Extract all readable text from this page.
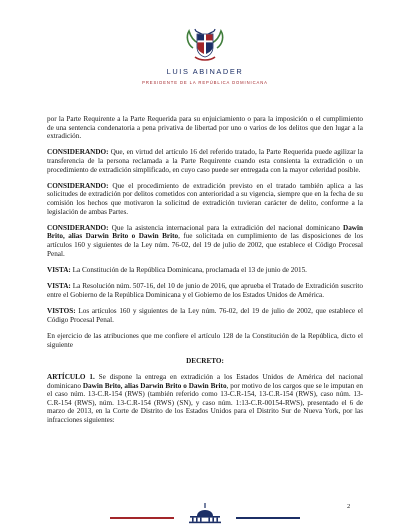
LUIS ABINADER
PRESIDENTE DE LA REPÚBLICA DOMINICANA

por la Parte Requirente a la Parte Requerida para su enjuiciamiento o para la imposición o el cumplimiento de una sentencia condenatoria a pena privativa de libertad por uno o varios de los delitos que den lugar a la extradición.

CONSIDERANDO: Que, en virtud del artículo 16 del referido tratado, la Parte Requerida puede agilizar la transferencia de la persona reclamada a la Parte Requirente cuando esta consienta la extradición o un procedimiento de extradición simplificado, en cuyo caso puede ser entregada con la mayor celeridad posible.

CONSIDERANDO: Que el procedimiento de extradición previsto en el tratado también aplica a las solicitudes de extradición por delitos cometidos con anterioridad a su vigencia, siempre que en la fecha de su comisión los hechos que motivaron la solicitud de extradición tuvieran carácter de delito, conforme a la legislación de ambas Partes.

CONSIDERANDO: Que la asistencia internacional para la extradición del nacional dominicano Dawin Brito, alias Darwin Brito o Dawin Brito, fue solicitada en cumplimiento de las disposiciones de los artículos 160 y siguientes de la Ley núm. 76-02, del 19 de julio de 2002, que establece el Código Procesal Penal.

VISTA: La Constitución de la República Dominicana, proclamada el 13 de junio de 2015.

VISTA: La Resolución núm. 507-16, del 10 de junio de 2016, que aprueba el Tratado de Extradición suscrito entre el Gobierno de la República Dominicana y el Gobierno de los Estados Unidos de América.

VISTOS: Los artículos 160 y siguientes de la Ley núm. 76-02, del 19 de julio de 2002, que establece el Código Procesal Penal.

En ejercicio de las atribuciones que me confiere el artículo 128 de la Constitución de la República, dicto el siguiente

DECRETO:

ARTÍCULO 1. Se dispone la entrega en extradición a los Estados Unidos de América del nacional dominicano Dawin Brito, alias Darwin Brito o Dawin Brito, por motivo de los cargos que se le imputan en el caso núm. 13-C.R-154 (RWS) (también referido como 13-C.R-154, 13-C.R-154 (RWS), caso núm. 13-C.R-154 (RWS), núm. 13-C.R-154 (RWS) (SN), y caso núm. 1:13-C.R-00154-RWS), presentado el 6 de marzo de 2013, en la Corte de Distrito de los Estados Unidos para el Distrito Sur de Nueva York, por las infracciones siguientes:

2
